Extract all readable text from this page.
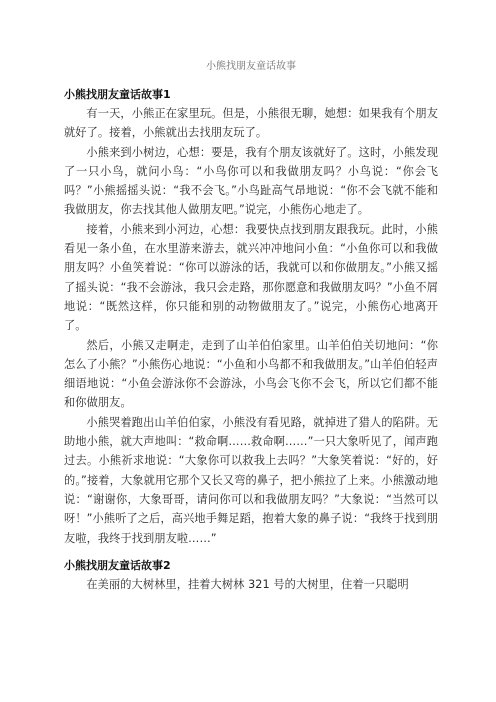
小熊找朋友童话故事
小熊找朋友童话故事1

有一天，小熊正在家里玩。但是，小熊很无聊，她想：如果我有个朋友就好了。接着，小熊就出去找朋友玩了。

小熊来到小树边，心想：要是，我有个朋友该就好了。这时，小熊发现了一只小鸟，就问小鸟：“小鸟你可以和我做朋友吗？小鸟说：“你会飞吗？”小熊摇摇头说：“我不会飞。”小鸟趾高气昂地说：“你不会飞就不能和我做朋友，你去找其他人做朋友吧。”说完，小熊伤心地走了。

接着，小熊来到小河边，心想：我要快点找到朋友跟我玩。此时，小熊看见一条小鱼，在水里游来游去，就兴冲冲地问小鱼：“小鱼你可以和我做朋友吗？小鱼笑着说：“你可以游泳的话，我就可以和你做朋友。”小熊又摇了摇头说：“我不会游泳，我只会走路，那你愿意和我做朋友吗？”小鱼不屑地说：“既然这样，你只能和别的动物做朋友了。”说完，小熊伤心地离开了。

然后，小熊又走啊走，走到了山羊伯伯家里。山羊伯伯关切地问：“你怎么了小熊？”小熊伤心地说：“小鱼和小鸟都不和我做朋友。”山羊伯伯轻声细语地说：“小鱼会游泳你不会游泳，小鸟会飞你不会飞，所以它们都不能和你做朋友。

小熊哭着跑出山羊伯伯家，小熊没有看见路，就掉进了猎人的陷阱。无助地小熊，就大声地叫：“救命啊……救命啊……”一只大象听见了，闻声跑过去。小熊祈求地说：“大象你可以救我上去吗？”大象笑着说：“好的，好的。”接着，大象就用它那个又长又弯的鼻子，把小熊拉了上来。小熊激动地说：“谢谢你，大象哥哥，请问你可以和我做朋友吗？”大象说：“当然可以呀！”小熊听了之后，高兴地手舞足蹈，抱着大象的鼻子说：“我终于找到朋友啦，我终于找到朋友啦……”

小熊找朋友童话故事2

在美丽的大树林里，挂着大树林 321 号的大树里，住着一只聪明
